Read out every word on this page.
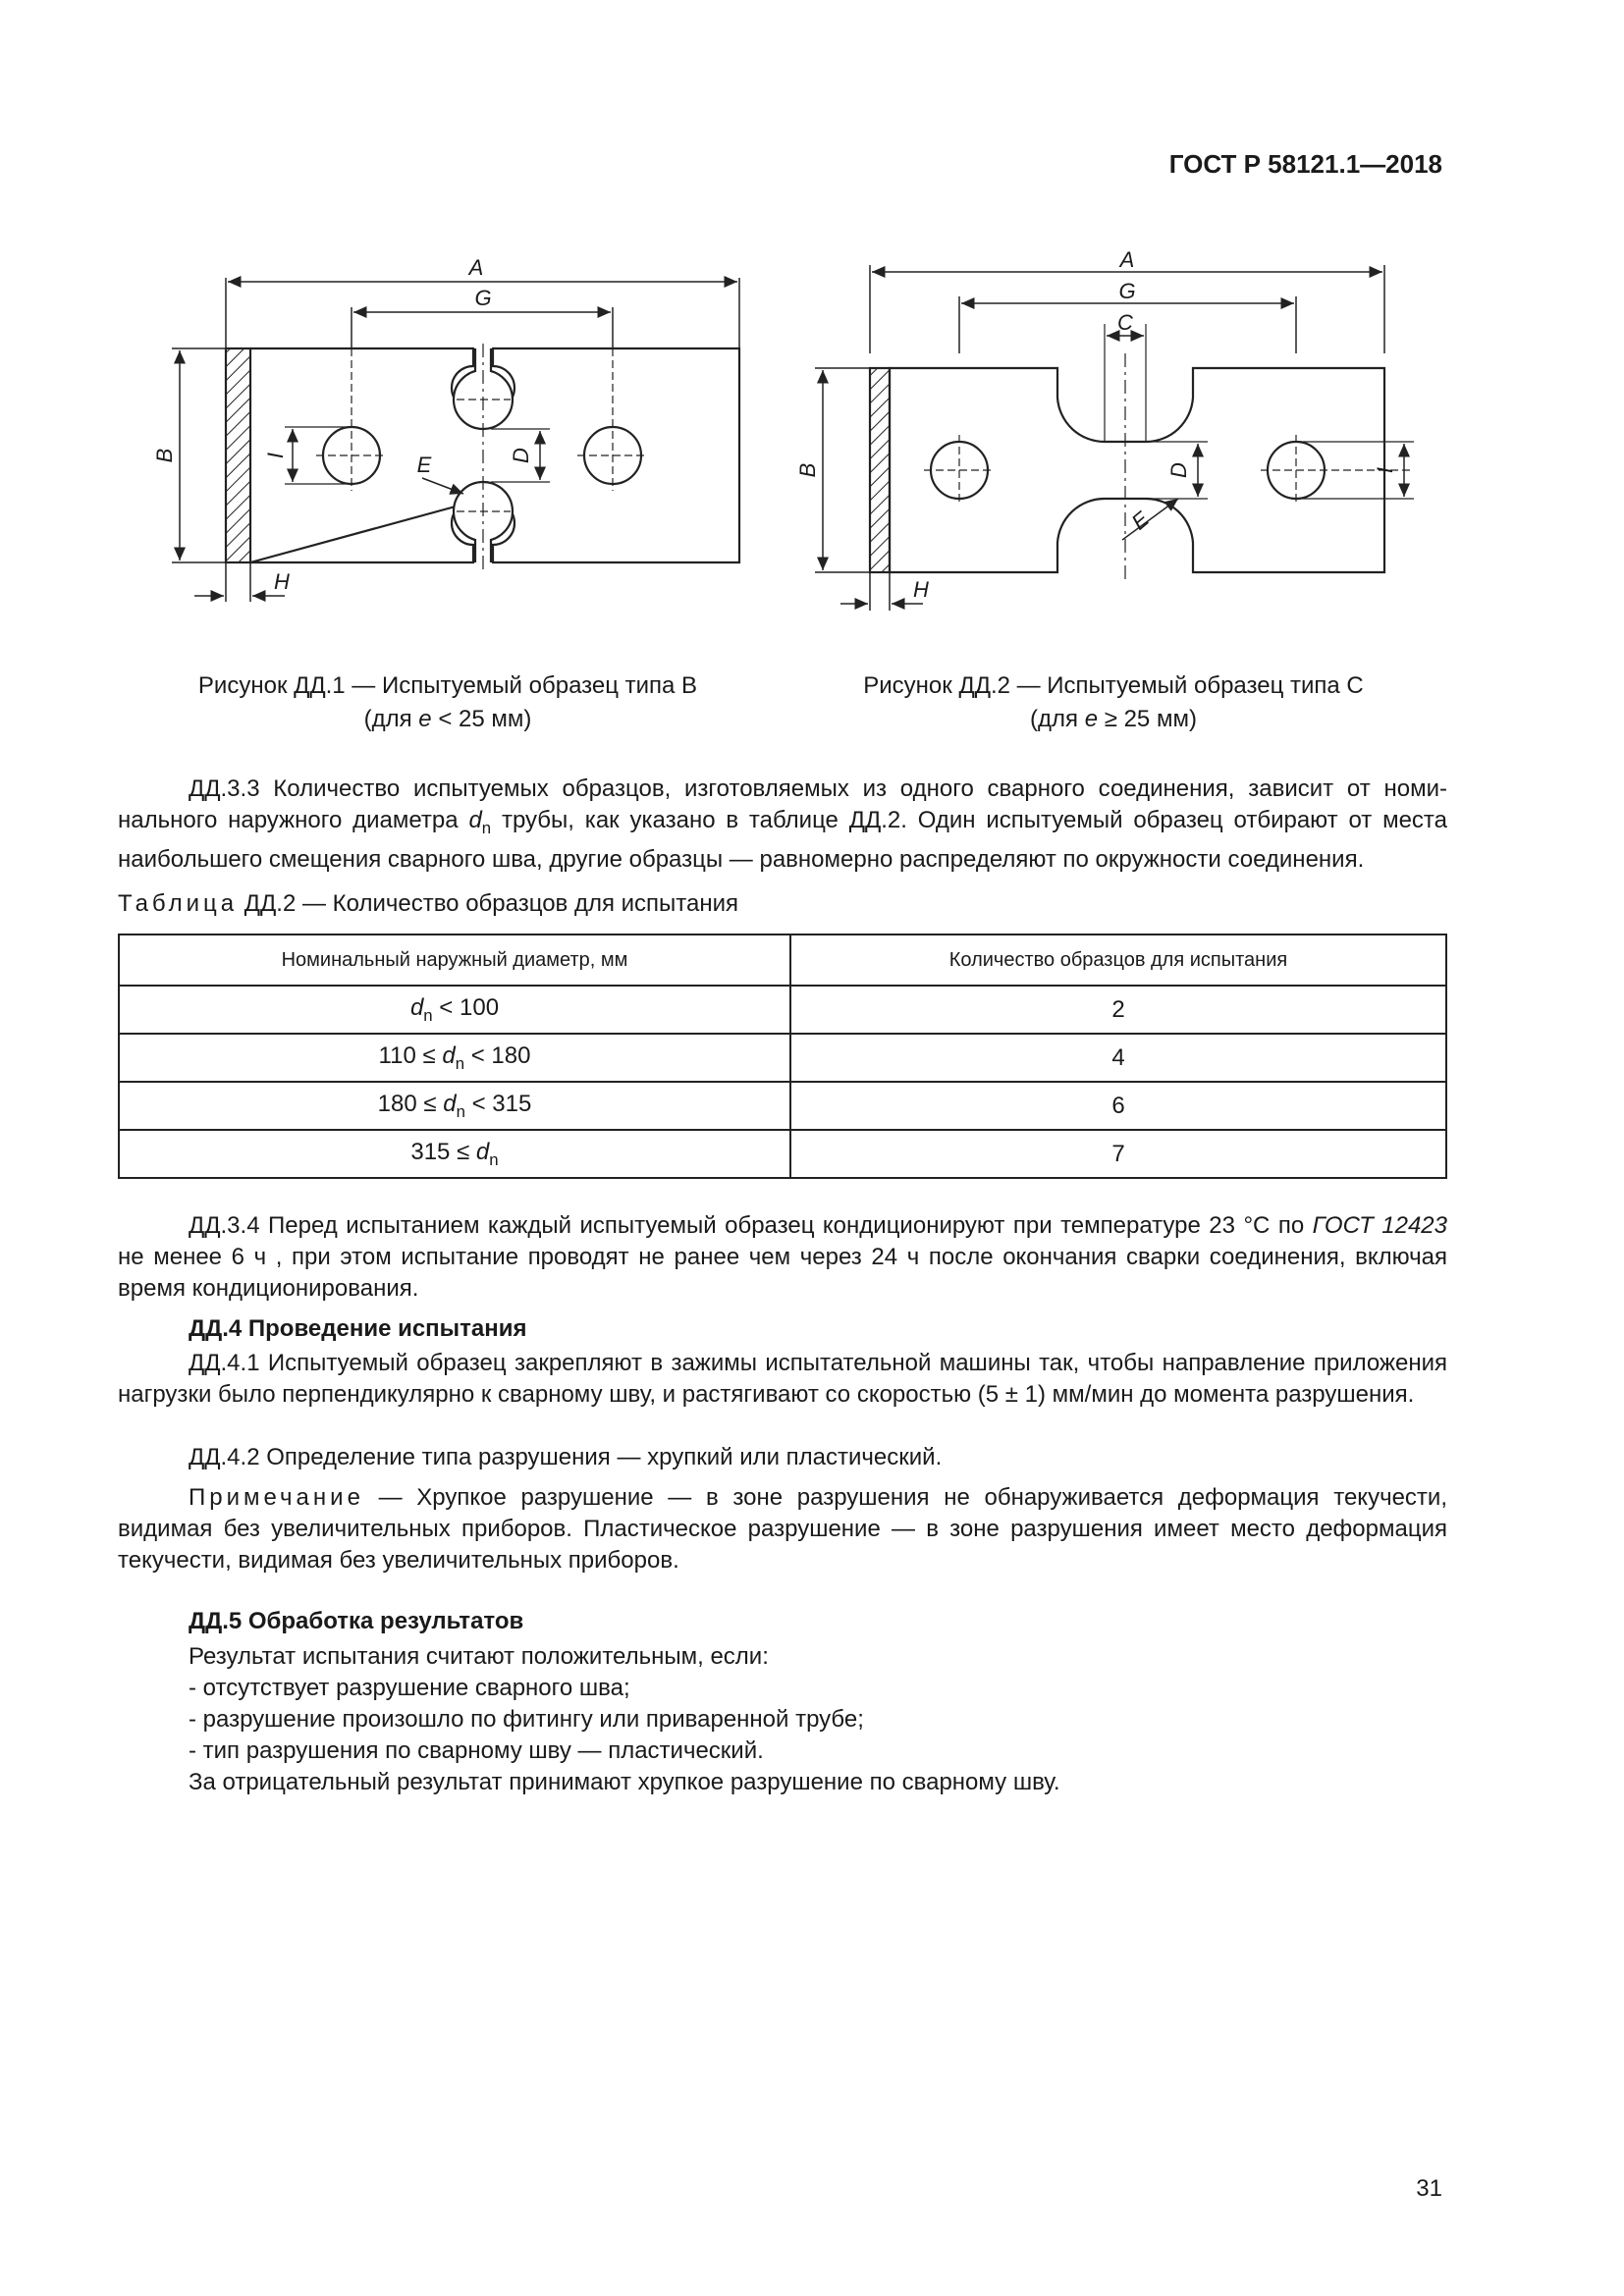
ГОСТ Р 58121.1—2018
A
G
B	I	D
E
H
Рисунок ДД.1 — Испытуемый образец типа В
(для e < 25 мм)
A
G
C
B	D	I
E
H
Рисунок ДД.2 — Испытуемый образец типа С
(для e ≥ 25 мм)
ДД.3.3 Количество испытуемых образцов, изготовляемых из одного сварного соединения, зависит от номинального наружного диаметра $d_n$ трубы, как указано в таблице ДД.2. Один испытуемый образец отбирают от места наибольшего смещения сварного шва, другие образцы — равномерно распределяют по окружности соединения.
Таблица ДД.2 — Количество образцов для испытания
Номинальный наружный диаметр, мм	Количество образцов для испытания
$d_n < 100$	2
$110 \le d_n < 180$	4
$180 \le d_n < 315$	6
$315 \le d_n$	7
ДД.3.4 Перед испытанием каждый испытуемый образец кондиционируют при температуре 23 °С по ГОСТ 12423 не менее 6 ч , при этом испытание проводят не ранее чем через 24 ч после окончания сварки соединения, включая время кондиционирования.
ДД.4 Проведение испытания
ДД.4.1 Испытуемый образец закрепляют в зажимы испытательной машины так, чтобы направление приложения нагрузки было перпендикулярно к сварному шву, и растягивают со скоростью (5 ± 1) мм/мин до момента разрушения.
ДД.4.2 Определение типа разрушения — хрупкий или пластический.
Примечание — Хрупкое разрушение — в зоне разрушения не обнаруживается деформация текучести, видимая без увеличительных приборов. Пластическое разрушение — в зоне разрушения имеет место деформация текучести, видимая без увеличительных приборов.
ДД.5 Обработка результатов
Результат испытания считают положительным, если:
- отсутствует разрушение сварного шва;
- разрушение произошло по фитингу или приваренной трубе;
- тип разрушения по сварному шву — пластический.
За отрицательный результат принимают хрупкое разрушение по сварному шву.
31
